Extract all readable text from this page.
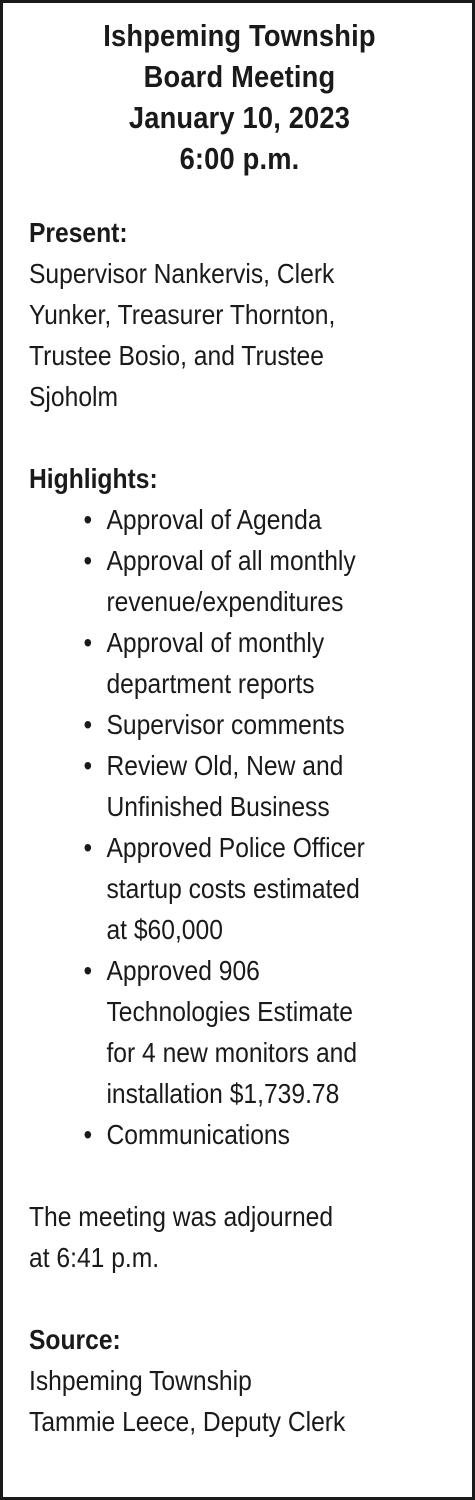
Ishpeming Township
Board Meeting
January 10, 2023
6:00 p.m.
Present:
Supervisor Nankervis, Clerk
Yunker, Treasurer Thornton,
Trustee Bosio, and Trustee
Sjoholm
Highlights:
• Approval of Agenda
• Approval of all monthly
revenue/expenditures
• Approval of monthly
department reports
• Supervisor comments
• Review Old, New and
Unfinished Business
• Approved Police Officer
startup costs estimated
at $60,000
• Approved 906
Technologies Estimate
for 4 new monitors and
installation $1,739.78
• Communications
The meeting was adjourned
at 6:41 p.m.
Source:
Ishpeming Township
Tammie Leece, Deputy Clerk
